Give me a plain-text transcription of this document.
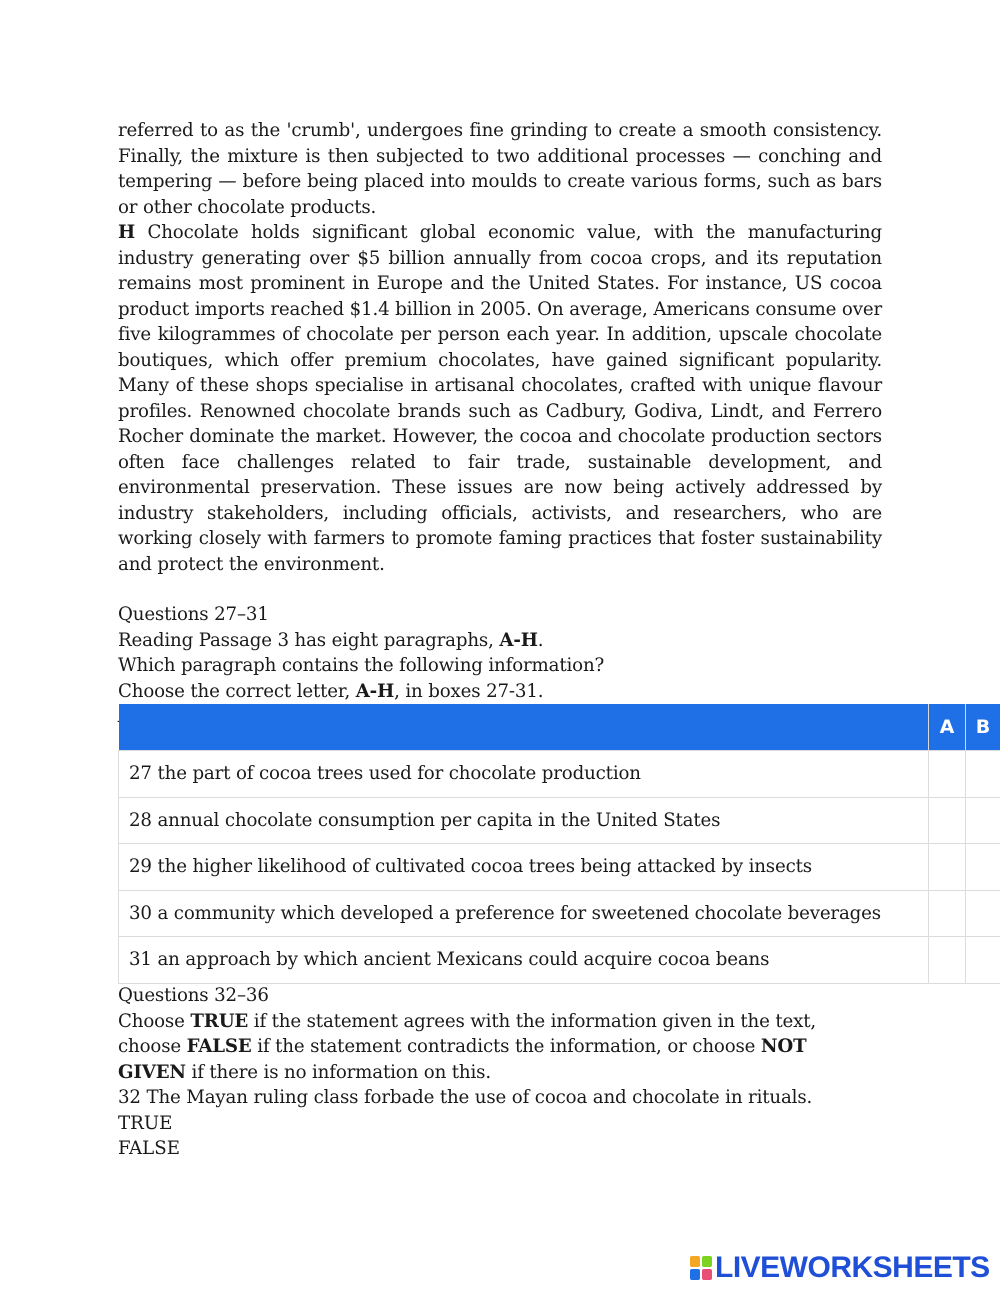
referred to as the 'crumb', undergoes fine grinding to create a smooth consistency. Finally, the mixture is then subjected to two additional processes — conching and tempering — before being placed into moulds to create various forms, such as bars or other chocolate products.

H Chocolate holds significant global economic value, with the manufacturing industry generating over $5 billion annually from cocoa crops, and its reputation remains most prominent in Europe and the United States. For instance, US cocoa product imports reached $1.4 billion in 2005. On average, Americans consume over five kilogrammes of chocolate per person each year. In addition, upscale chocolate boutiques, which offer premium chocolates, have gained significant popularity. Many of these shops specialise in artisanal chocolates, crafted with unique flavour profiles. Renowned chocolate brands such as Cadbury, Godiva, Lindt, and Ferrero Rocher dominate the market. However, the cocoa and chocolate production sectors often face challenges related to fair trade, sustainable development, and environmental preservation. These issues are now being actively addressed by industry stakeholders, including officials, activists, and researchers, who are working closely with farmers to promote faming practices that foster sustainability and protect the environment.

Questions 27–31

Reading Passage 3 has eight paragraphs, A-H.

Which paragraph contains the following information?

Choose the correct letter, A-H, in boxes 27-31.

	A	B
27 the part of cocoa trees used for chocolate production		
28 annual chocolate consumption per capita in the United States		
29 the higher likelihood of cultivated cocoa trees being attacked by insects		
30 a community which developed a preference for sweetened chocolate beverages		
31 an approach by which ancient Mexicans could acquire cocoa beans		

Questions 32–36

Choose TRUE if the statement agrees with the information given in the text,

choose FALSE if the statement contradicts the information, or choose NOT

GIVEN if there is no information on this.

32 The Mayan ruling class forbade the use of cocoa and chocolate in rituals.

TRUE

FALSE

LIVEWORKSHEETS
